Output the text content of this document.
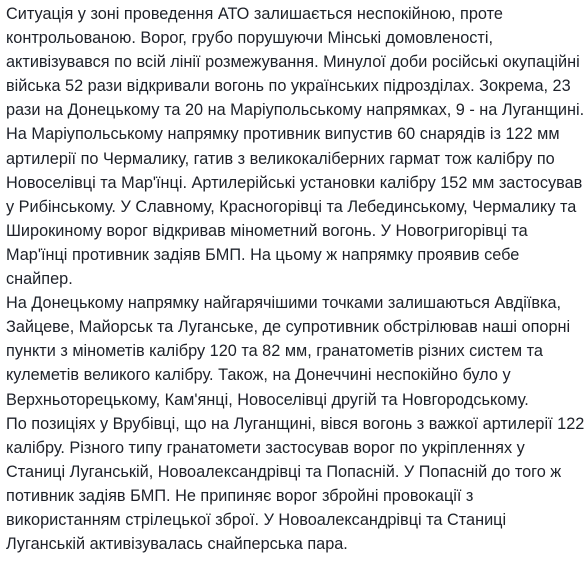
Ситуація у зоні проведення АТО залишається неспокійною, проте контрольованою. Ворог, грубо порушуючи Мінські домовленості, активізувався по всій лінії розмежування. Минулої доби російські окупаційні війська 52 рази відкривали вогонь по українських підрозділах. Зокрема, 23 рази на Донецькому та 20 на Маріупольському напрямках, 9 - на Луганщині.

На Маріупольському напрямку противник випустив 60 снарядів із 122 мм артилерії по Чермалику, гатив з великокаліберних гармат тож калібру по Новоселівці та Мар'їнці. Артилерійські установки калібру 152 мм застосував у Рибінському. У Славному, Красногорівці та Лебединському, Чермалику та Широкиному ворог відкривав мінометний вогонь. У Новогригорівці та Мар'їнці противник задіяв БМП. На цьому ж напрямку проявив себе снайпер.

На Донецькому напрямку найгарячішими точками залишаються Авдіївка, Зайцеве, Майорськ та Луганське, де супротивник обстрілював наші опорні пункти з мінометів калібру 120 та 82 мм, гранатометів різних систем та кулеметів великого калібру. Також, на Донеччині неспокійно було у Верхньоторецькому, Кам'янці, Новоселівці другій та Новгородському.

По позиціях у Врубівці, що на Луганщині, вівся вогонь з важкої артилерії 122 калібру. Різного типу гранатомети застосував ворог по укріпленнях у Станиці Луганській, Новоалександрівці та Попасній. У Попасній до того ж потивник задіяв БМП. Не припиняє ворог збройні провокації з використанням стрілецької зброї. У Новоалександрівці та Станиці Луганській активізувалась снайперська пара.
